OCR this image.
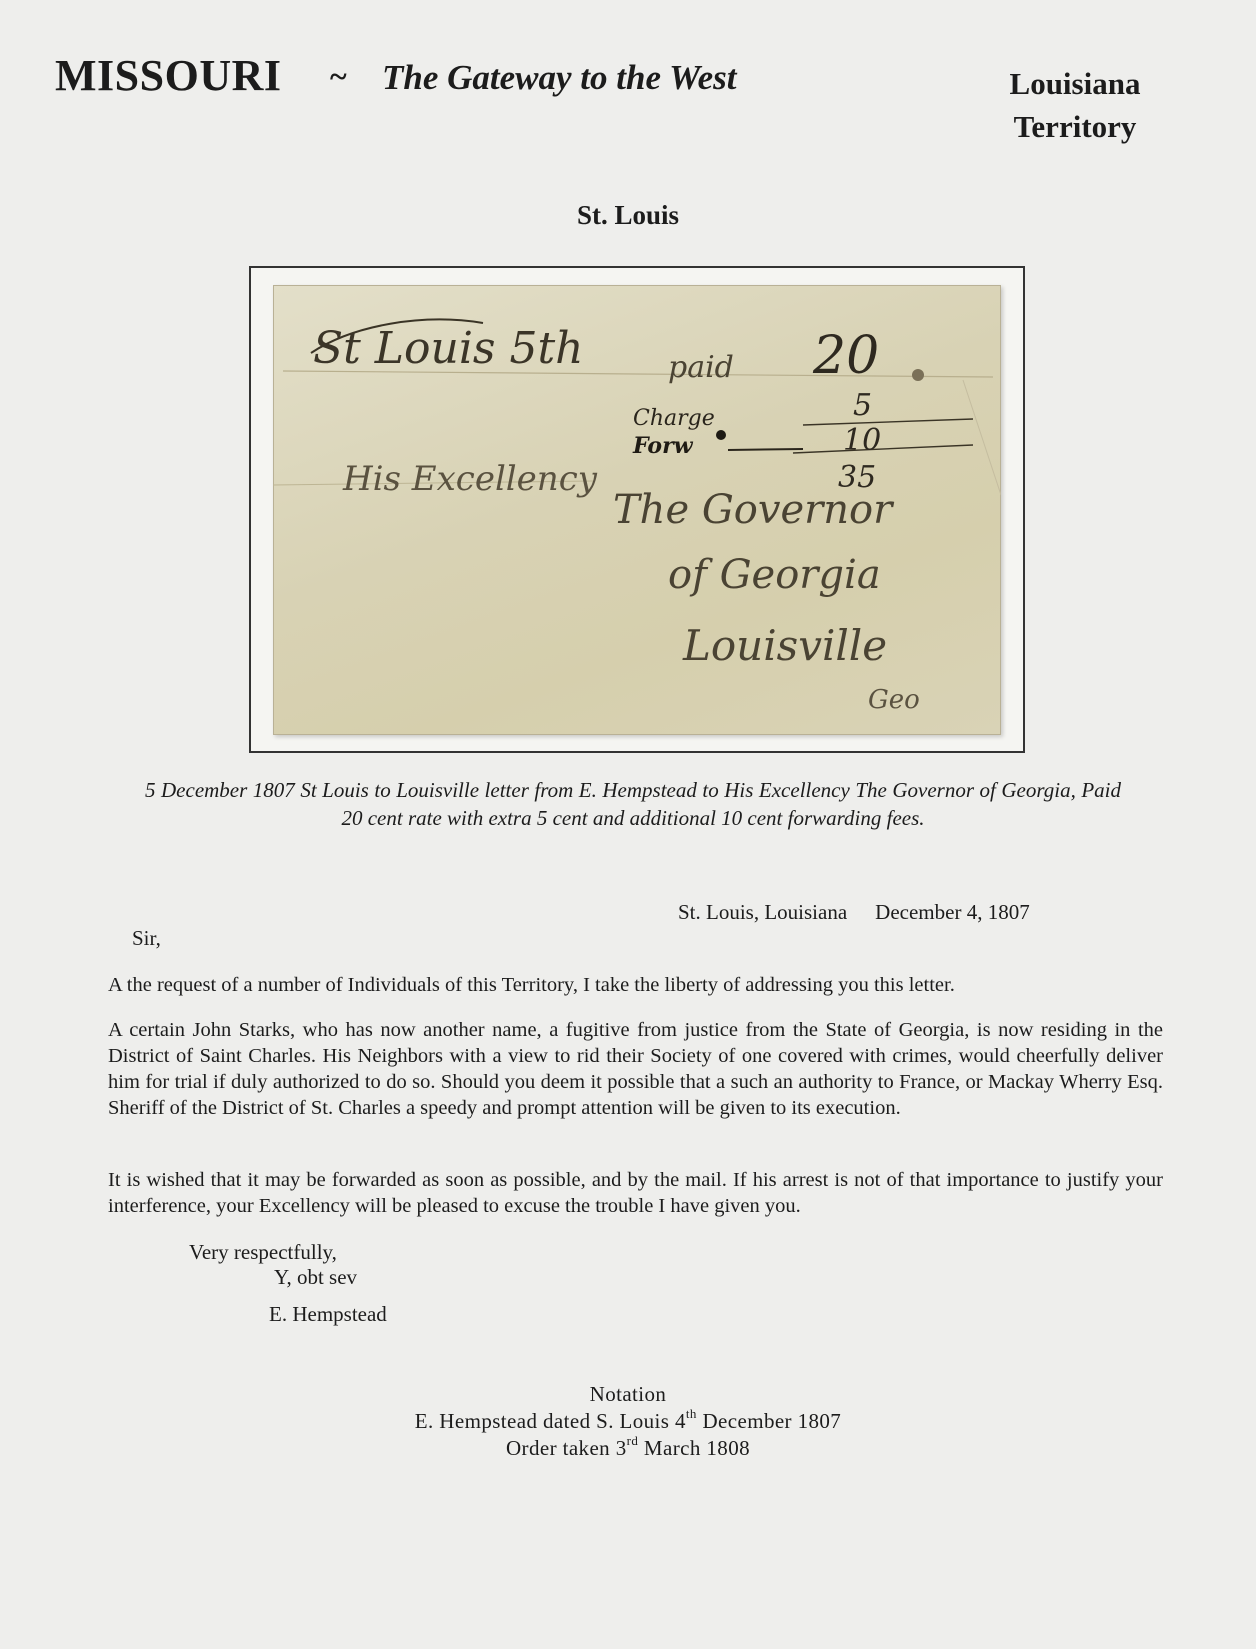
MISSOURI ~ The Gateway to the West	Louisiana
Territory
St. Louis
St Louis 5th	paid 20
Charge
Forw
5
10
35
His Excellency
The Governor
of Georgia
Louisville
Geo
5 December 1807 St Louis to Louisville letter from E. Hempstead to His Excellency The Governor of Georgia, Paid 20 cent rate with extra 5 cent and additional 10 cent forwarding fees.
St. Louis, Louisiana December 4, 1807
Sir,
A the request of a number of Individuals of this Territory, I take the liberty of addressing you this letter.
A certain John Starks, who has now another name, a fugitive from justice from the State of Georgia, is now residing in the District of Saint Charles. His Neighbors with a view to rid their Society of one covered with crimes, would cheerfully deliver him for trial if duly authorized to do so. Should you deem it possible that a such an authority to France, or Mackay Wherry Esq. Sheriff of the District of St. Charles a speedy and prompt attention will be given to its execution.
It is wished that it may be forwarded as soon as possible, and by the mail. If his arrest is not of that importance to justify your interference, your Excellency will be pleased to excuse the trouble I have given you.
Very respectfully,
Y, obt sev
E. Hempstead
Notation
E. Hempstead dated S. Louis 4th December 1807
Order taken 3rd March 1808
